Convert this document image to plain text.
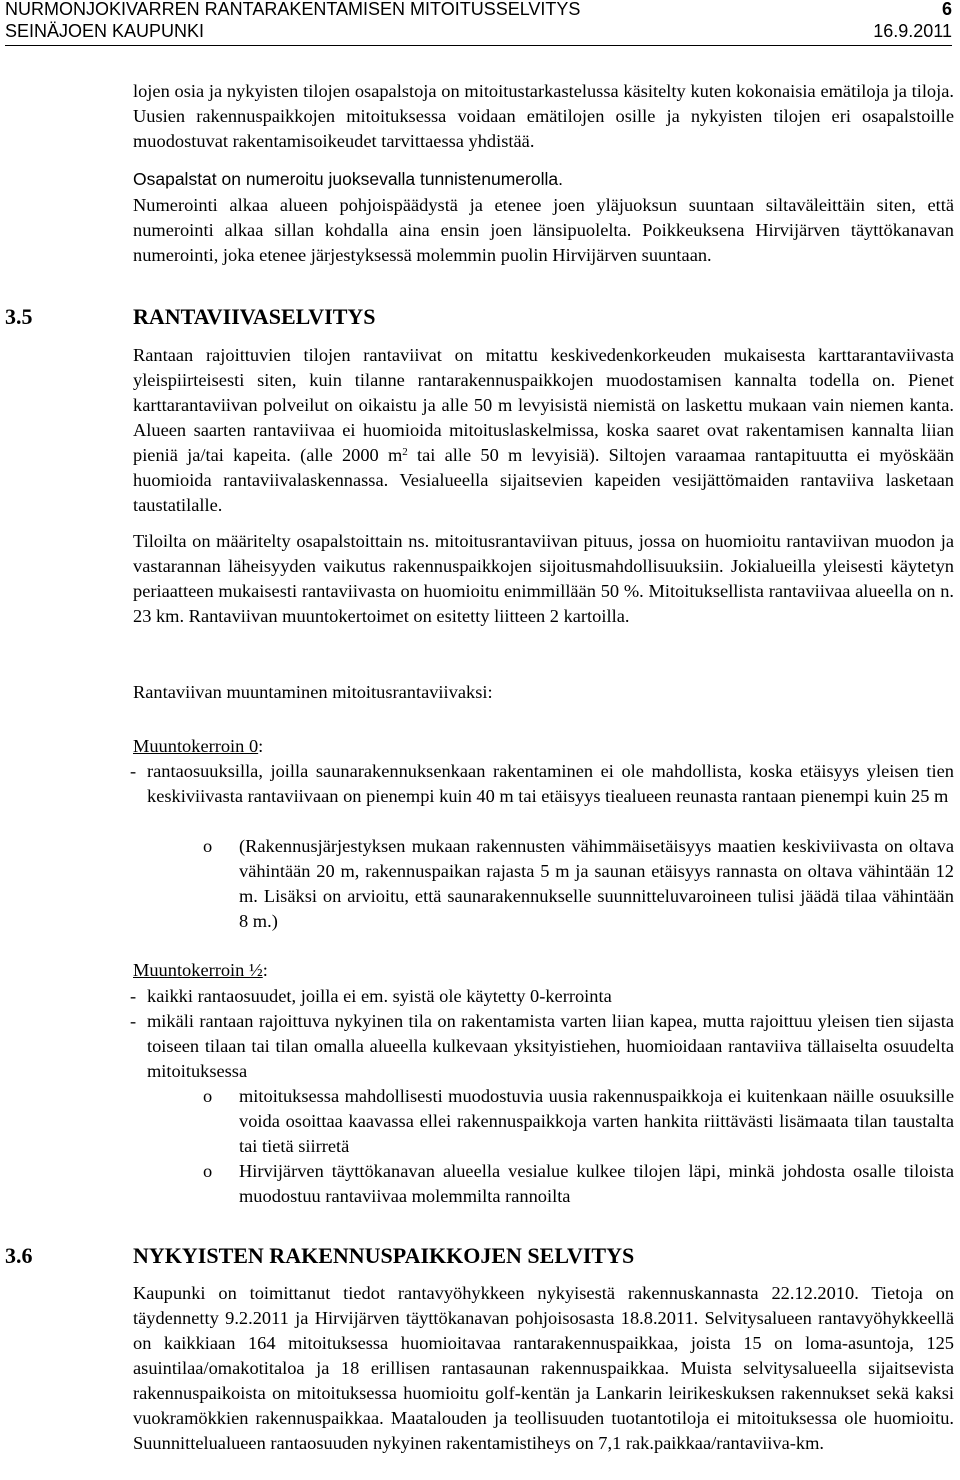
NURMONJOKIVARREN RANTARAKENTAMISEN MITOITUSSELVITYS	6
SEINÄJOEN KAUPUNKI	16.9.2011

lojen osia ja nykyisten tilojen osapalstoja on mitoitustarkastelussa käsitelty kuten kokonaisia emätiloja ja tiloja. Uusien rakennuspaikkojen mitoituksessa voidaan emätilojen osille ja nykyisten tilojen eri osapalstoille muodostuvat rakentamisoikeudet tarvittaessa yhdistää.

Osapalstat on numeroitu juoksevalla tunnistenumerolla.

Numerointi alkaa alueen pohjoispäädystä ja etenee joen yläjuoksun suuntaan siltaväleittäin siten, että numerointi alkaa sillan kohdalla aina ensin joen länsipuolelta. Poikkeuksena Hirvijärven täyttökanavan numerointi, joka etenee järjestyksessä molemmin puolin Hirvijärven suuntaan.

3.5	RANTAVIIVASELVITYS

Rantaan rajoittuvien tilojen rantaviivat on mitattu keskivedenkorkeuden mukaisesta karttarantaviivasta yleispiirteisesti siten, kuin tilanne rantarakennuspaikkojen muodostamisen kannalta todella on. Pienet karttarantaviivan polveilut on oikaistu ja alle 50 m levyisistä niemistä on laskettu mukaan vain niemen kanta. Alueen saarten rantaviivaa ei huomioida mitoituslaskelmissa, koska saaret ovat rakentamisen kannalta liian pieniä ja/tai kapeita. (alle 2000 $m^2$ tai alle 50 m levyisiä). Siltojen varaamaa rantapituutta ei myöskään huomioida rantaviivalaskennassa. Vesialueella sijaitsevien kapeiden vesijättömaiden rantaviiva lasketaan taustatilalle.

Tiloilta on määritelty osapalstoittain ns. mitoitusrantaviivan pituus, jossa on huomioitu rantaviivan muodon ja vastarannan läheisyyden vaikutus rakennuspaikkojen sijoitusmahdollisuuksiin. Jokialueilla yleisesti käytetyn periaatteen mukaisesti rantaviivasta on huomioitu enimmillään 50 %. Mitoituksellista rantaviivaa alueella on n. 23 km. Rantaviivan muuntokertoimet on esitetty liitteen 2 kartoilla.

Rantaviivan muuntaminen mitoitusrantaviivaksi:

Muuntokerroin 0:

- rantaosuuksilla, joilla saunarakennuksenkaan rakentaminen ei ole mahdollista, koska etäisyys yleisen tien keskiviivasta rantaviivaan on pienempi kuin 40 m tai etäisyys tiealueen reunasta rantaan pienempi kuin 25 m
o (Rakennusjärjestyksen mukaan rakennusten vähimmäisetäisyys maatien keskiviivasta on oltava vähintään 20 m, rakennuspaikan rajasta 5 m ja saunan etäisyys rannasta on oltava vähintään 12 m. Lisäksi on arvioitu, että saunarakennukselle suunnitteluvaroineen tulisi jäädä tilaa vähintään 8 m.)

Muuntokerroin ½:

- kaikki rantaosuudet, joilla ei em. syistä ole käytetty 0-kerrointa
- mikäli rantaan rajoittuva nykyinen tila on rakentamista varten liian kapea, mutta rajoittuu yleisen tien sijasta toiseen tilaan tai tilan omalla alueella kulkevaan yksityistiehen, huomioidaan rantaviiva tällaiselta osuudelta mitoituksessa
o mitoituksessa mahdollisesti muodostuvia uusia rakennuspaikkoja ei kuitenkaan näille osuuksille voida osoittaa kaavassa ellei rakennuspaikkoja varten hankita riittävästi lisämaata tilan taustalta tai tietä siirretä
o Hirvijärven täyttökanavan alueella vesialue kulkee tilojen läpi, minkä johdosta osalle tiloista muodostuu rantaviivaa molemmilta rannoilta
3.6	NYKYISTEN RAKENNUSPAIKKOJEN SELVITYS

Kaupunki on toimittanut tiedot rantavyöhykkeen nykyisestä rakennuskannasta 22.12.2010. Tietoja on täydennetty 9.2.2011 ja Hirvijärven täyttökanavan pohjoisosasta 18.8.2011. Selvitysalueen rantavyöhykkeellä on kaikkiaan 164 mitoituksessa huomioitavaa rantarakennuspaikkaa, joista 15 on loma-asuntoja, 125 asuintilaa/omakotitaloa ja 18 erillisen rantasaunan rakennuspaikkaa. Muista selvitysalueella sijaitsevista rakennuspaikoista on mitoituksessa huomioitu golf-kentän ja Lankarin leirikeskuksen rakennukset sekä kaksi vuokramökkien rakennuspaikkaa. Maatalouden ja teollisuuden tuotantotiloja ei mitoituksessa ole huomioitu. Suunnittelualueen rantaosuuden nykyinen rakentamistiheys on 7,1 rak.paikkaa/rantaviiva-km.
